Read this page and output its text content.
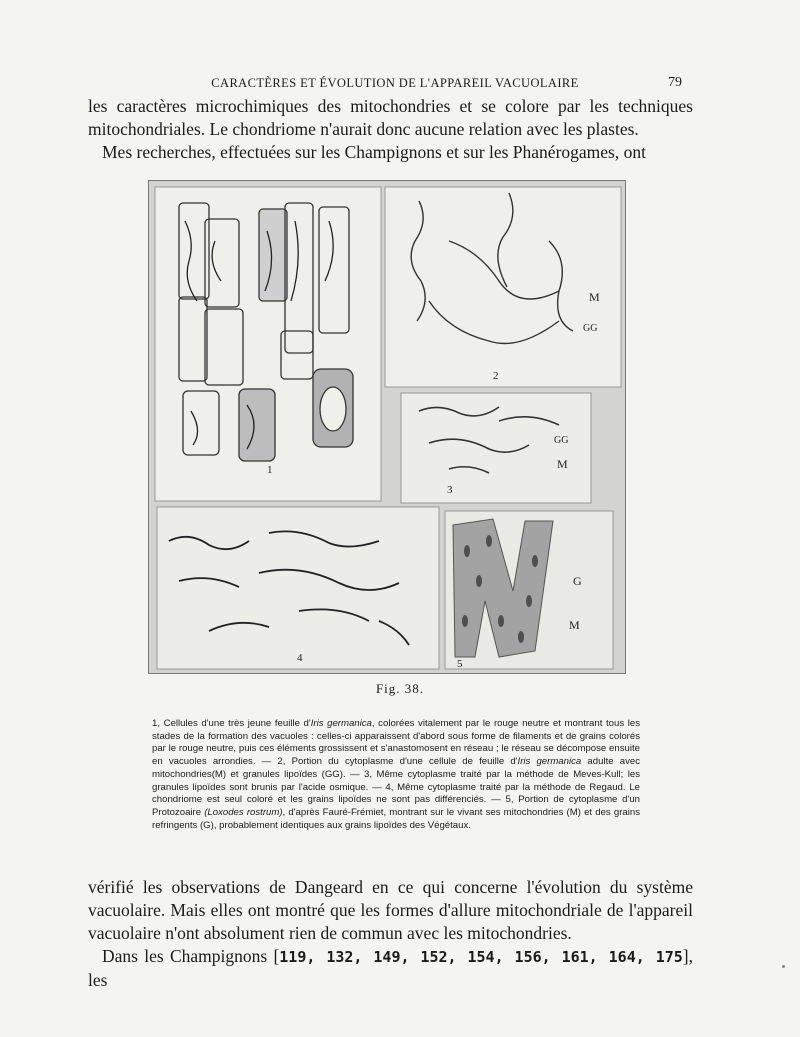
CARACTÈRES ET ÉVOLUTION DE L'APPAREIL VACUOLAIRE	79

les caractères microchimiques des mitochondries et se colore par les techniques mitochondriales. Le chondriome n'aurait donc aucune relation avec les plastes.

Mes recherches, effectuées sur les Champignons et sur les Phanérogames, ont

1
M
GG
2
GG
M
3
4
G
M
5
Fig. 38.
1, Cellules d'une très jeune feuille d'Iris germanica, colorées vitalement par le rouge neutre et montrant tous les stades de la formation des vacuoles : celles-ci apparaissent d'abord sous forme de filaments et de grains colorés par le rouge neutre, puis ces éléments grossissent et s'anastomosent en réseau ; le réseau se décompose ensuite en vacuoles arrondies. — 2, Portion du cytoplasme d'une cellule de feuille d'Iris germanica adulte avec mitochondries(M) et granules lipoïdes (GG). — 3, Même cytoplasme traité par la méthode de Meves-Kull; les granules lipoïdes sont brunis par l'acide osmique. — 4, Même cytoplasme traité par la méthode de Regaud. Le chondriome est seul coloré et les grains lipoïdes ne sont pas différenciés. — 5, Portion de cytoplasme d'un Protozoaire (Loxodes rostrum), d'après Fauré-Frémiet, montrant sur le vivant ses mitochondries (M) et des grains refringents (G), probablement identiques aux grains lipoïdes des Végétaux.

vérifié les observations de Dangeard en ce qui concerne l'évolution du système vacuolaire. Mais elles ont montré que les formes d'allure mitochondriale de l'appareil vacuolaire n'ont absolument rien de commun avec les mitochondries.

Dans les Champignons [119, 132, 149, 152, 154, 156, 161, 164, 175], les
